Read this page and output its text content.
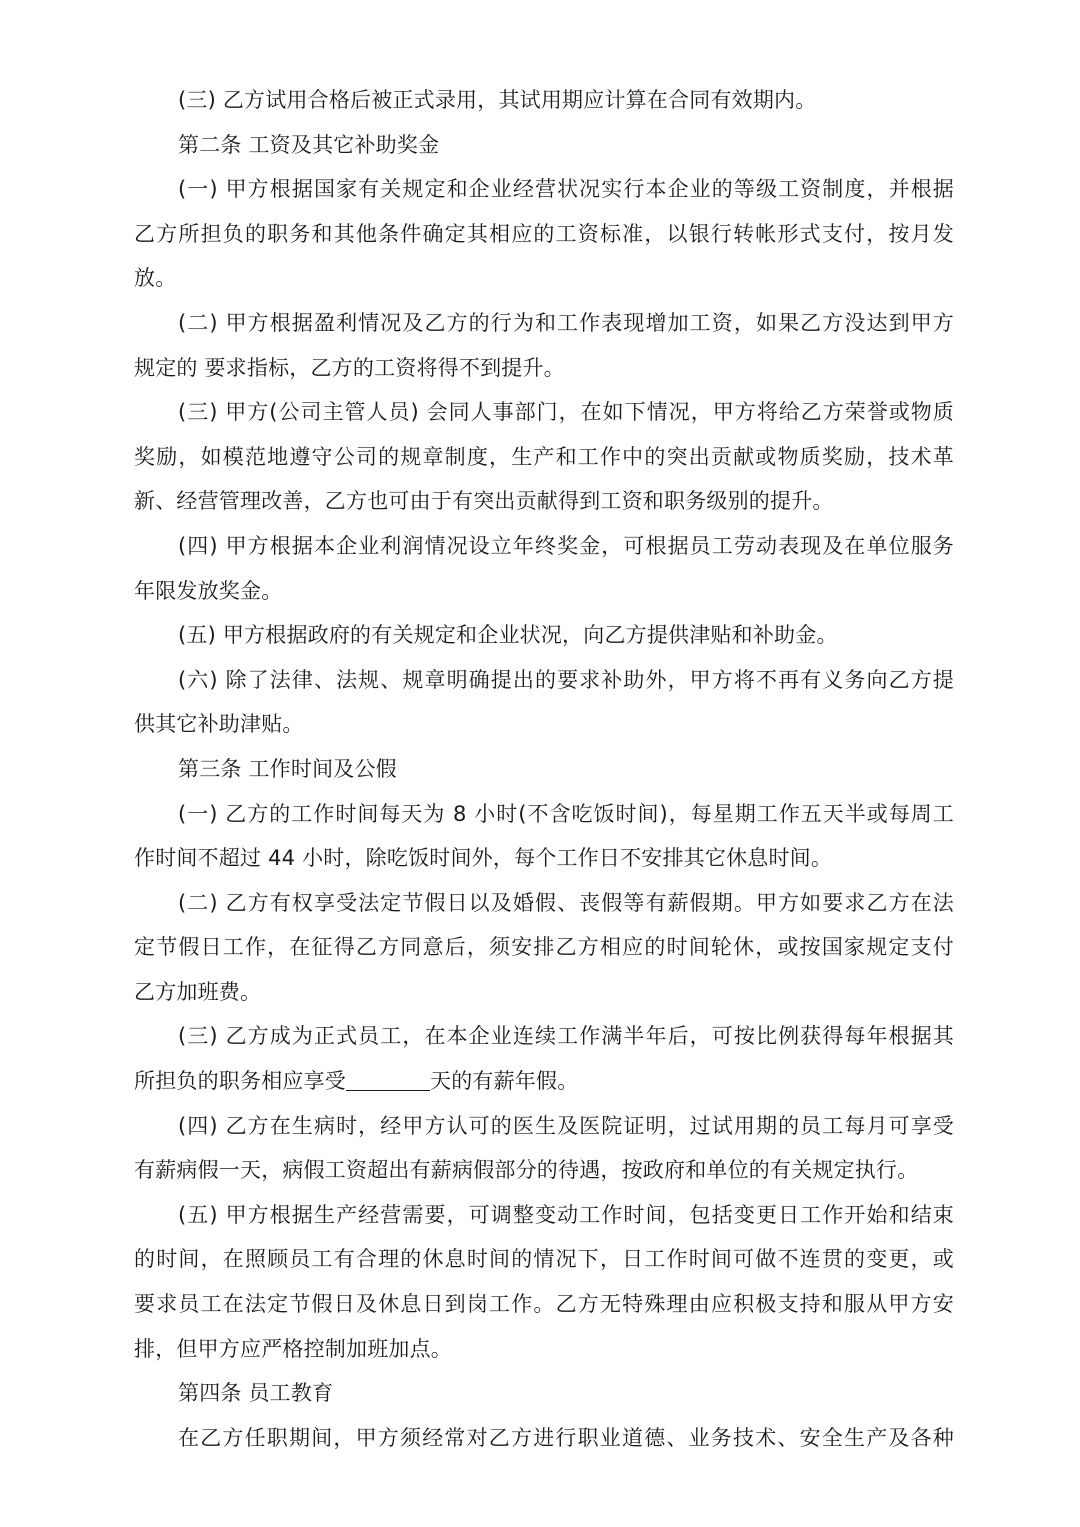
(三) 乙方试用合格后被正式录用，其试用期应计算在合同有效期内。
第二条 工资及其它补助奖金
(一) 甲方根据国家有关规定和企业经营状况实行本企业的等级工资制度，并根据
乙方所担负的职务和其他条件确定其相应的工资标准，以银行转帐形式支付，按月发
放。
(二) 甲方根据盈利情况及乙方的行为和工作表现增加工资，如果乙方没达到甲方
规定的 要求指标，乙方的工资将得不到提升。
(三) 甲方(公司主管人员) 会同人事部门，在如下情况，甲方将给乙方荣誉或物质
奖励，如模范地遵守公司的规章制度，生产和工作中的突出贡献或物质奖励，技术革
新、经营管理改善，乙方也可由于有突出贡献得到工资和职务级别的提升。
(四) 甲方根据本企业利润情况设立年终奖金，可根据员工劳动表现及在单位服务
年限发放奖金。
(五) 甲方根据政府的有关规定和企业状况，向乙方提供津贴和补助金。
(六) 除了法律、法规、规章明确提出的要求补助外，甲方将不再有义务向乙方提
供其它补助津贴。
第三条 工作时间及公假
(一) 乙方的工作时间每天为 8 小时(不含吃饭时间)，每星期工作五天半或每周工
作时间不超过 44 小时，除吃饭时间外，每个工作日不安排其它休息时间。
(二) 乙方有权享受法定节假日以及婚假、丧假等有薪假期。甲方如要求乙方在法
定节假日工作，在征得乙方同意后，须安排乙方相应的时间轮休，或按国家规定支付
乙方加班费。
(三) 乙方成为正式员工，在本企业连续工作满半年后，可按比例获得每年根据其
所担负的职务相应享受	天的有薪年假。
(四) 乙方在生病时，经甲方认可的医生及医院证明，过试用期的员工每月可享受
有薪病假一天，病假工资超出有薪病假部分的待遇，按政府和单位的有关规定执行。
(五) 甲方根据生产经营需要，可调整变动工作时间，包括变更日工作开始和结束
的时间，在照顾员工有合理的休息时间的情况下，日工作时间可做不连贯的变更，或
要求员工在法定节假日及休息日到岗工作。乙方无特殊理由应积极支持和服从甲方安
排，但甲方应严格控制加班加点。
第四条 员工教育
在乙方任职期间，甲方须经常对乙方进行职业道德、业务技术、安全生产及各种
